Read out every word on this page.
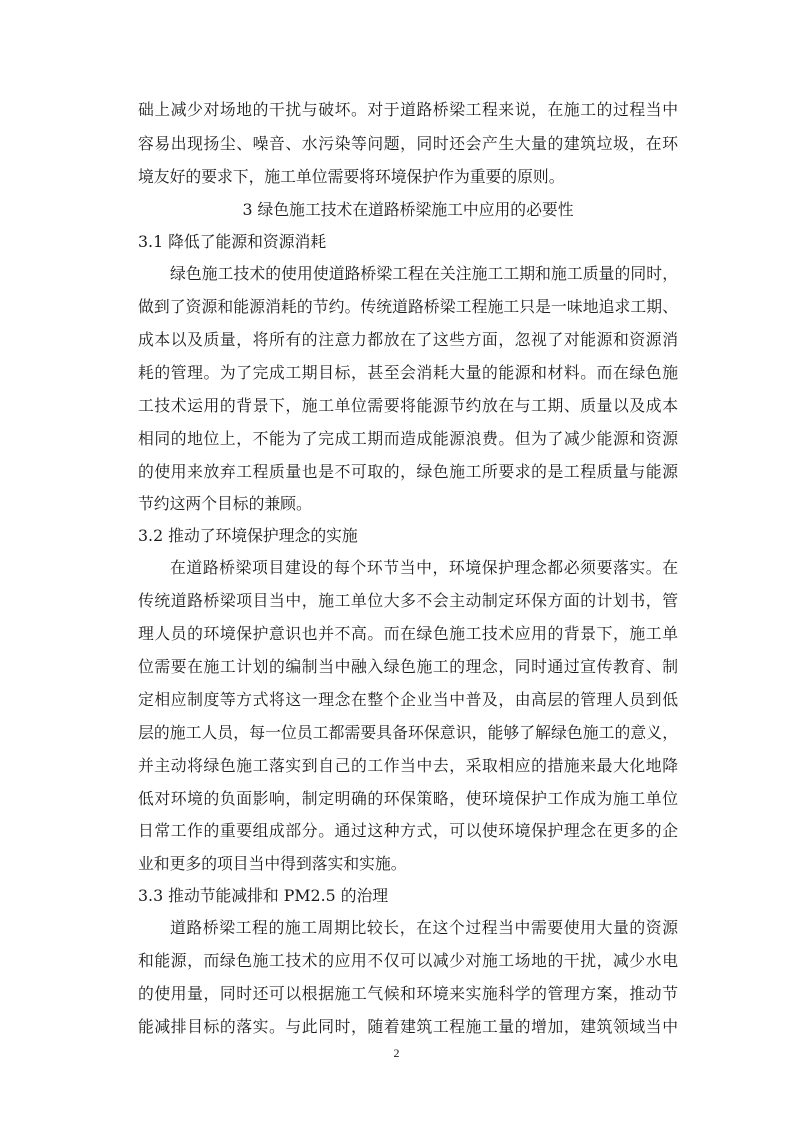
础上减少对场地的干扰与破坏。对于道路桥梁工程来说，在施工的过程当中
容易出现扬尘、噪音、水污染等问题，同时还会产生大量的建筑垃圾，在环
境友好的要求下，施工单位需要将环境保护作为重要的原则。
3 绿色施工技术在道路桥梁施工中应用的必要性
3.1 降低了能源和资源消耗
绿色施工技术的使用使道路桥梁工程在关注施工工期和施工质量的同时，
做到了资源和能源消耗的节约。传统道路桥梁工程施工只是一味地追求工期、
成本以及质量，将所有的注意力都放在了这些方面，忽视了对能源和资源消
耗的管理。为了完成工期目标，甚至会消耗大量的能源和材料。而在绿色施
工技术运用的背景下，施工单位需要将能源节约放在与工期、质量以及成本
相同的地位上，不能为了完成工期而造成能源浪费。但为了减少能源和资源
的使用来放弃工程质量也是不可取的，绿色施工所要求的是工程质量与能源
节约这两个目标的兼顾。
3.2 推动了环境保护理念的实施
在道路桥梁项目建设的每个环节当中，环境保护理念都必须要落实。在
传统道路桥梁项目当中，施工单位大多不会主动制定环保方面的计划书，管
理人员的环境保护意识也并不高。而在绿色施工技术应用的背景下，施工单
位需要在施工计划的编制当中融入绿色施工的理念，同时通过宣传教育、制
定相应制度等方式将这一理念在整个企业当中普及，由高层的管理人员到低
层的施工人员，每一位员工都需要具备环保意识，能够了解绿色施工的意义，
并主动将绿色施工落实到自己的工作当中去，采取相应的措施来最大化地降
低对环境的负面影响，制定明确的环保策略，使环境保护工作成为施工单位
日常工作的重要组成部分。通过这种方式，可以使环境保护理念在更多的企
业和更多的项目当中得到落实和实施。
3.3 推动节能减排和 PM2.5 的治理
道路桥梁工程的施工周期比较长，在这个过程当中需要使用大量的资源
和能源，而绿色施工技术的应用不仅可以减少对施工场地的干扰，减少水电
的使用量，同时还可以根据施工气候和环境来实施科学的管理方案，推动节
能减排目标的落实。与此同时，随着建筑工程施工量的增加，建筑领域当中
2
